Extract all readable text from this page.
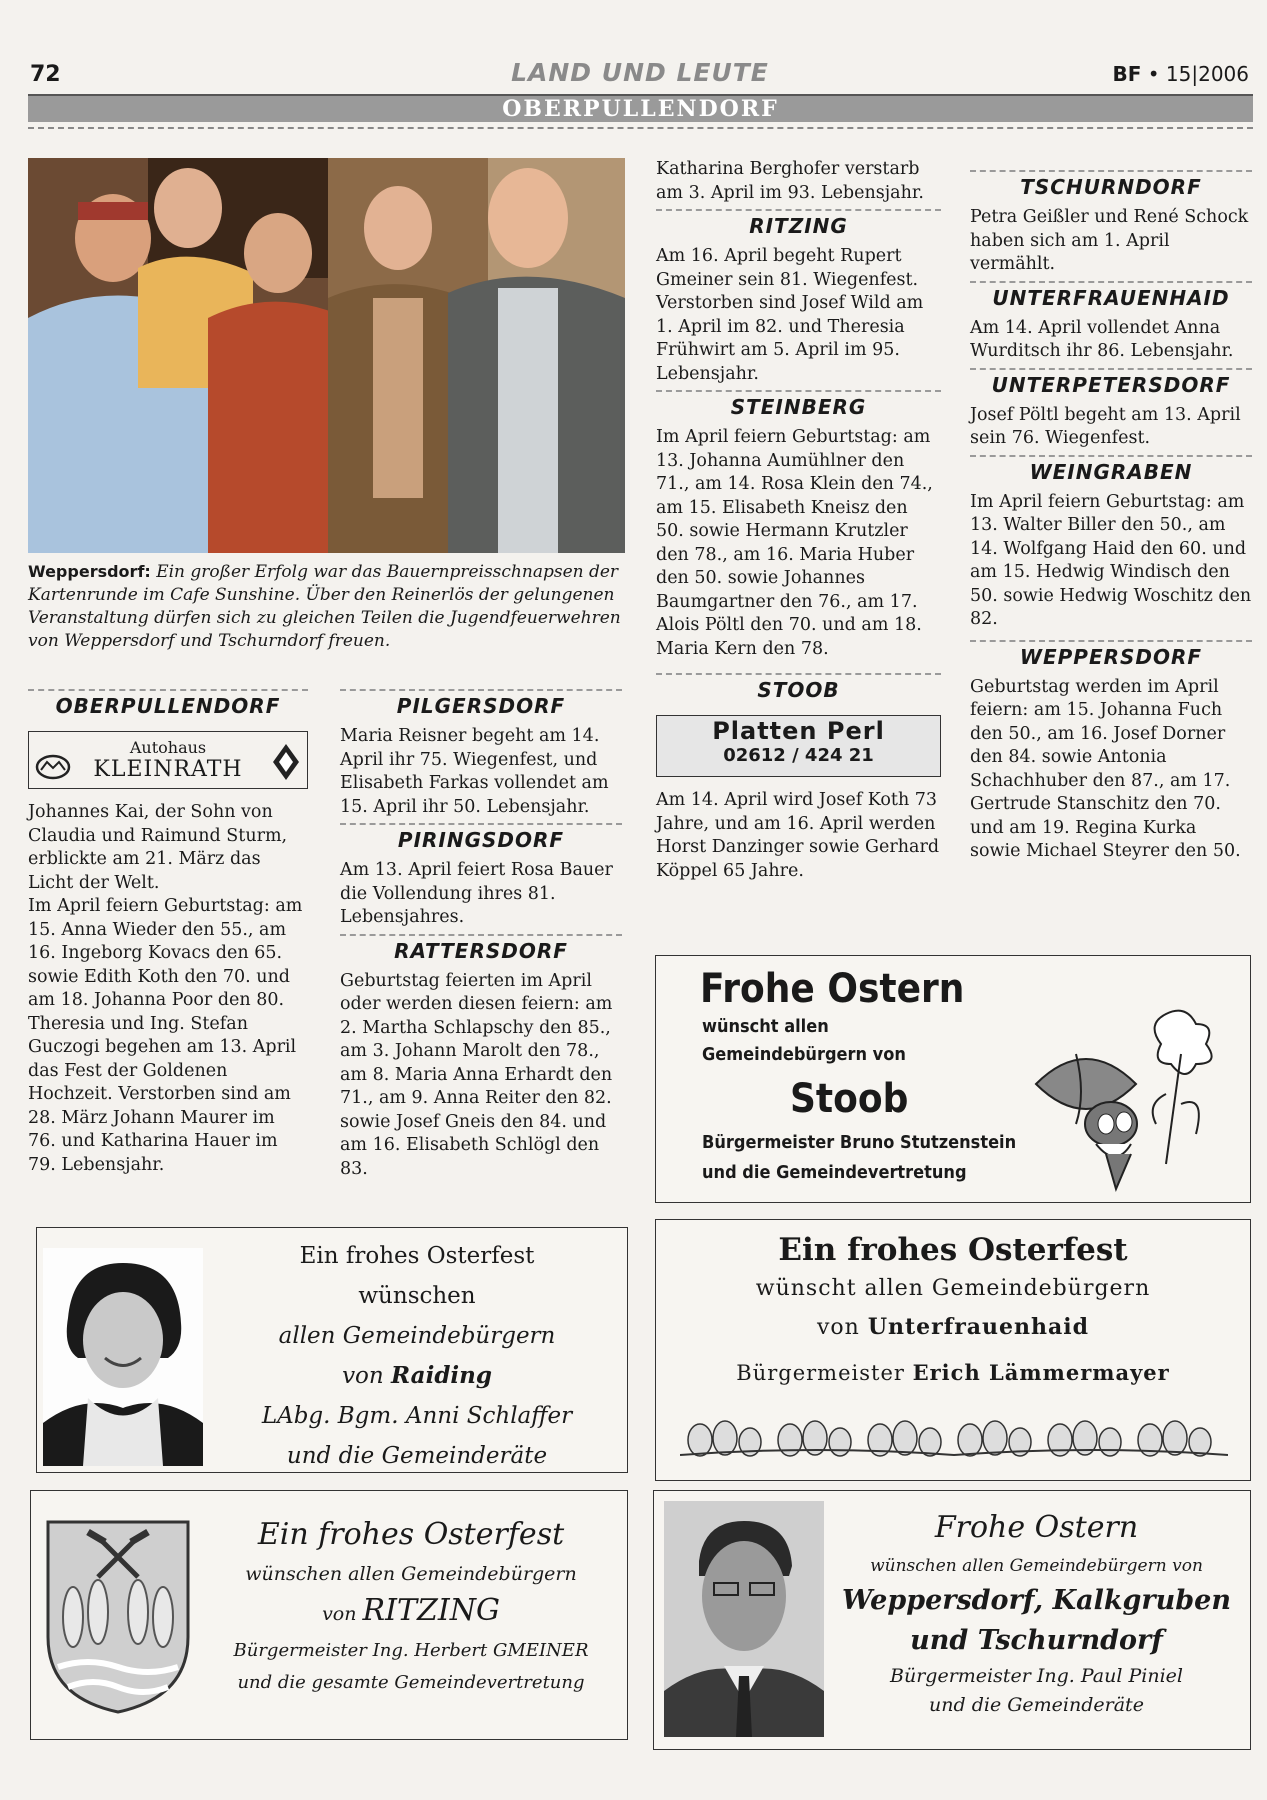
72	LAND UND LEUTE	BF • 15|2006
OBERPULLENDORF
Weppersdorf: Ein großer Erfolg war das Bauernpreisschnapsen der Kartenrunde im Cafe Sunshine. Über den Reinerlös der gelungenen Veranstaltung dürfen sich zu gleichen Teilen die Jugendfeuerwehren von Weppersdorf und Tschurndorf freuen.
OBERPULLENDORF
Autohaus
KLEINRATH

Johannes Kai, der Sohn von Claudia und Raimund Sturm, erblickte am 21. März das Licht der Welt.

Im April feiern Geburtstag: am 15. Anna Wieder den 55., am 16. Ingeborg Kovacs den 65. sowie Edith Koth den 70. und am 18. Johanna Poor den 80. Theresia und Ing. Stefan Guczogi begehen am 13. April das Fest der Goldenen Hochzeit. Verstorben sind am 28. März Johann Maurer im 76. und Katharina Hauer im 79. Lebensjahr.

PILGERSDORF

Maria Reisner begeht am 14. April ihr 75. Wiegenfest, und Elisabeth Farkas vollendet am 15. April ihr 50. Lebensjahr.

PIRINGSDORF

Am 13. April feiert Rosa Bauer die Vollendung ihres 81. Lebensjahres.

RATTERSDORF

Geburtstag feierten im April oder werden diesen feiern: am 2. Martha Schlapschy den 85., am 3. Johann Marolt den 78., am 8. Maria Anna Erhardt den 71., am 9. Anna Reiter den 82. sowie Josef Gneis den 84. und am 16. Elisabeth Schlögl den 83.

Katharina Berghofer verstarb am 3. April im 93. Lebensjahr.

RITZING

Am 16. April begeht Rupert Gmeiner sein 81. Wiegenfest. Verstorben sind Josef Wild am 1. April im 82. und Theresia Frühwirt am 5. April im 95. Lebensjahr.

STEINBERG

Im April feiern Geburtstag: am 13. Johanna Aumühlner den 71., am 14. Rosa Klein den 74., am 15. Elisabeth Kneisz den 50. sowie Hermann Krutzler den 78., am 16. Maria Huber den 50. sowie Johannes Baumgartner den 76., am 17. Alois Pöltl den 70. und am 18. Maria Kern den 78.

STOOB
Platten Perl
02612 / 424 21

Am 14. April wird Josef Koth 73 Jahre, und am 16. April werden Horst Danzinger sowie Gerhard Köppel 65 Jahre.

TSCHURNDORF

Petra Geißler und René Schock haben sich am 1. April vermählt.

UNTERFRAUENHAID

Am 14. April vollendet Anna Wurditsch ihr 86. Lebensjahr.

UNTERPETERSDORF

Josef Pöltl begeht am 13. April sein 76. Wiegenfest.

WEINGRABEN

Im April feiern Geburtstag: am 13. Walter Biller den 50., am 14. Wolfgang Haid den 60. und am 15. Hedwig Windisch den 50. sowie Hedwig Woschitz den 82.

WEPPERSDORF

Geburtstag werden im April feiern: am 15. Johanna Fuch den 50., am 16. Josef Dorner den 84. sowie Antonia Schachhuber den 87., am 17. Gertrude Stanschitz den 70. und am 19. Regina Kurka sowie Michael Steyrer den 50.

Frohe Ostern
wünscht allen
Gemeindebürgern von
Stoob
Bürgermeister Bruno Stutzenstein
und die Gemeindevertretung
Ein frohes Osterfest
wünschen
allen Gemeindebürgern
von Raiding
LAbg. Bgm. Anni Schlaffer
und die Gemeinderäte
Ein frohes Osterfest
wünscht allen Gemeindebürgern
von Unterfrauenhaid
Bürgermeister Erich Lämmermayer
Ein frohes Osterfest
wünschen allen Gemeindebürgern
von RITZING
Bürgermeister Ing. Herbert GMEINER
und die gesamte Gemeindevertretung
Frohe Ostern
wünschen allen Gemeindebürgern von
Weppersdorf, Kalkgruben
und Tschurndorf
Bürgermeister Ing. Paul Piniel
und die Gemeinderäte
